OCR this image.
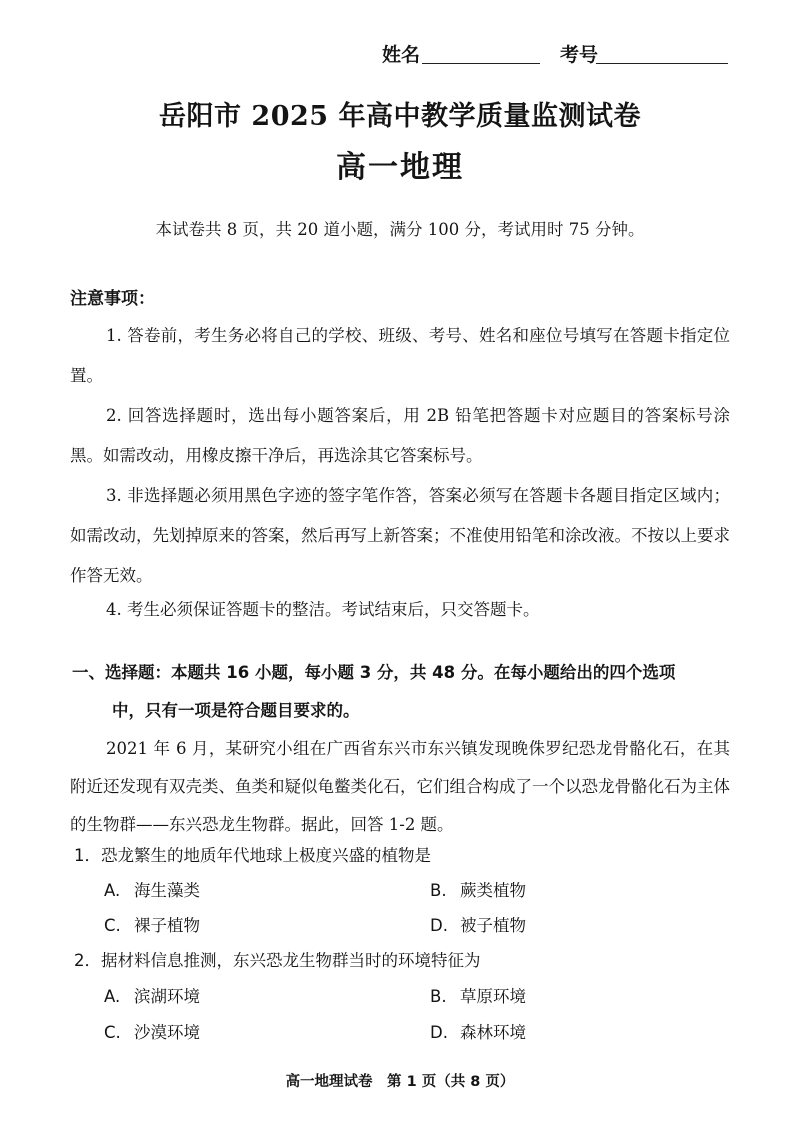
姓名	考号
岳阳市 2025 年高中教学质量监测试卷
高一地理
本试卷共 8 页，共 20 道小题，满分 100 分，考试用时 75 分钟。
注意事项：
1. 答卷前，考生务必将自己的学校、班级、考号、姓名和座位号填写在答题卡指定位置。
2. 回答选择题时，选出每小题答案后，用 2B 铅笔把答题卡对应题目的答案标号涂黑。如需改动，用橡皮擦干净后，再选涂其它答案标号。
3. 非选择题必须用黑色字迹的签字笔作答，答案必须写在答题卡各题目指定区域内；如需改动，先划掉原来的答案，然后再写上新答案；不准使用铅笔和涂改液。不按以上要求作答无效。
4. 考生必须保证答题卡的整洁。考试结束后，只交答题卡。
一、选择题：本题共 16 小题，每小题 3 分，共 48 分。在每小题给出的四个选项
中，只有一项是符合题目要求的。
2021 年 6 月，某研究小组在广西省东兴市东兴镇发现晚侏罗纪恐龙骨骼化石，在其附近还发现有双壳类、鱼类和疑似龟鳖类化石，它们组合构成了一个以恐龙骨骼化石为主体的生物群——东兴恐龙生物群。据此，回答 1-2 题。
1．恐龙繁生的地质年代地球上极度兴盛的植物是
A. 海生藻类	B. 蕨类植物
C. 裸子植物	D. 被子植物
2．据材料信息推测，东兴恐龙生物群当时的环境特征为
A. 滨湖环境	B. 草原环境
C. 沙漠环境	D. 森林环境
高一地理试卷　第 1 页（共 8 页）
